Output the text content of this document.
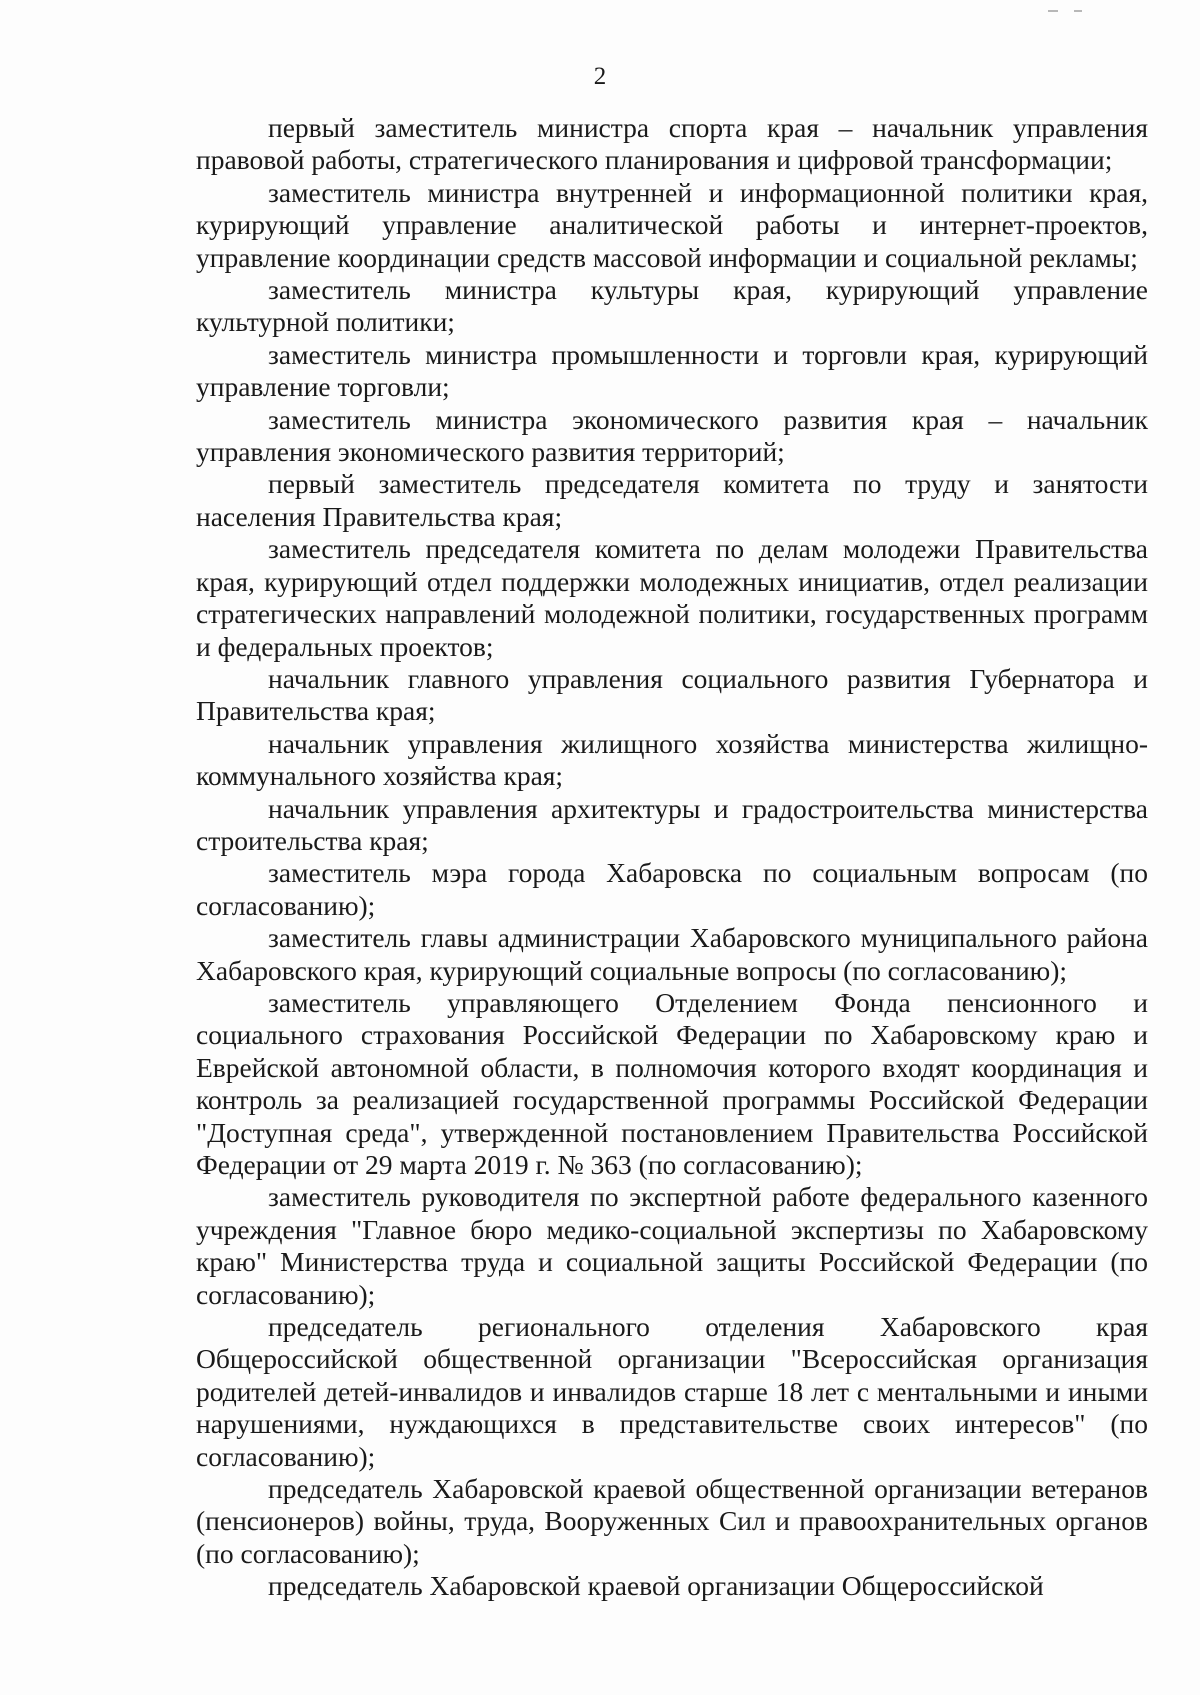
2

первый заместитель министра спорта края – начальник управления правовой работы, стратегического планирования и цифровой трансформации;

заместитель министра внутренней и информационной политики края, курирующий управление аналитической работы и интернет-проектов, управление координации средств массовой информации и социальной рекламы;

заместитель министра культуры края, курирующий управление культурной политики;

заместитель министра промышленности и торговли края, курирующий управление торговли;

заместитель министра экономического развития края – начальник управления экономического развития территорий;

первый заместитель председателя комитета по труду и занятости населения Правительства края;

заместитель председателя комитета по делам молодежи Правительства края, курирующий отдел поддержки молодежных инициатив, отдел реализации стратегических направлений молодежной политики, государственных программ и федеральных проектов;

начальник главного управления социального развития Губернатора и Правительства края;

начальник управления жилищного хозяйства министерства жилищно-коммунального хозяйства края;

начальник управления архитектуры и градостроительства министерства строительства края;

заместитель мэра города Хабаровска по социальным вопросам (по согласованию);

заместитель главы администрации Хабаровского муниципального района Хабаровского края, курирующий социальные вопросы (по согласованию);

заместитель управляющего Отделением Фонда пенсионного и социального страхования Российской Федерации по Хабаровскому краю и Еврейской автономной области, в полномочия которого входят координация и контроль за реализацией государственной программы Российской Федерации "Доступная среда", утвержденной постановлением Правительства Российской Федерации от 29 марта 2019 г. № 363 (по согласованию);

заместитель руководителя по экспертной работе федерального казенного учреждения "Главное бюро медико-социальной экспертизы по Хабаровскому краю" Министерства труда и социальной защиты Российской Федерации (по согласованию);

председатель регионального отделения Хабаровского края Общероссийской общественной организации "Всероссийская организация родителей детей-инвалидов и инвалидов старше 18 лет с ментальными и иными нарушениями, нуждающихся в представительстве своих интересов" (по согласованию);

председатель Хабаровской краевой общественной организации ветеранов (пенсионеров) войны, труда, Вооруженных Сил и правоохранительных органов (по согласованию);

председатель Хабаровской краевой организации Общероссийской
